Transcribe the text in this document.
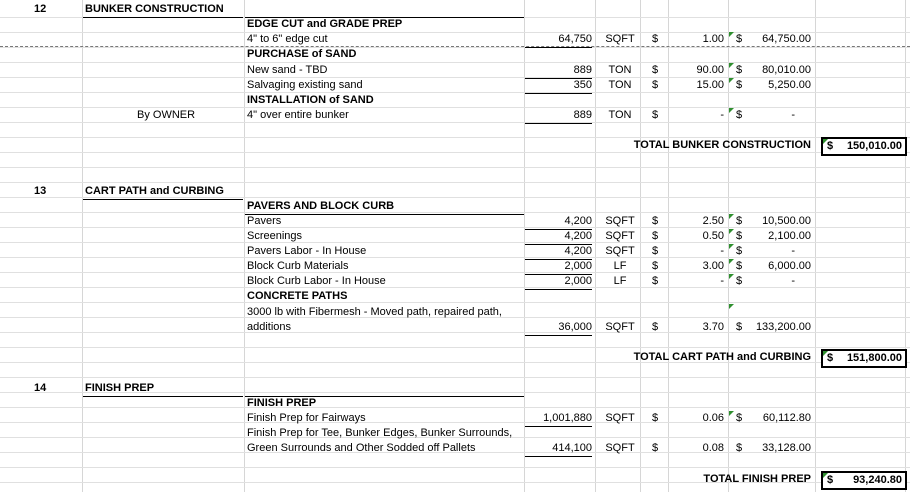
12	BUNKER CONSTRUCTION
EDGE CUT and GRADE PREP
4" to 6" edge cut	64,750	SQFT	$	1.00 $	64,750.00
PURCHASE of SAND
New sand - TBD	889	TON	$	90.00 $	80,010.00
Salvaging existing sand	350	TON	$	15.00 $	5,250.00
INSTALLATION of SAND
By OWNER	4" over entire bunker	889	TON	$	- $	-
TOTAL BUNKER CONSTRUCTION $ 150,010.00
13	CART PATH and CURBING
PAVERS AND BLOCK CURB
Pavers	4,200	SQFT	$	2.50 $	10,500.00
Screenings	4,200	SQFT	$	0.50 $	2,100.00
Pavers Labor - In House	4,200	SQFT	$	- $	-
Block Curb Materials	2,000	LF	$	3.00 $	6,000.00
Block Curb Labor - In House	2,000	LF	$	- $	-
CONCRETE PATHS
3000 lb with Fibermesh - Moved path, repaired path,
additions	36,000	SQFT	$	3.70 $	133,200.00
TOTAL CART PATH and CURBING $ 151,800.00
14	FINISH PREP
FINISH PREP
Finish Prep for Fairways	1,001,880	SQFT	$	0.06 $	60,112.80
Finish Prep for Tee, Bunker Edges, Bunker Surrounds,
Green Surrounds and Other Sodded off Pallets	414,100	SQFT	$	0.08 $	33,128.00
TOTAL FINISH PREP $ 93,240.80
